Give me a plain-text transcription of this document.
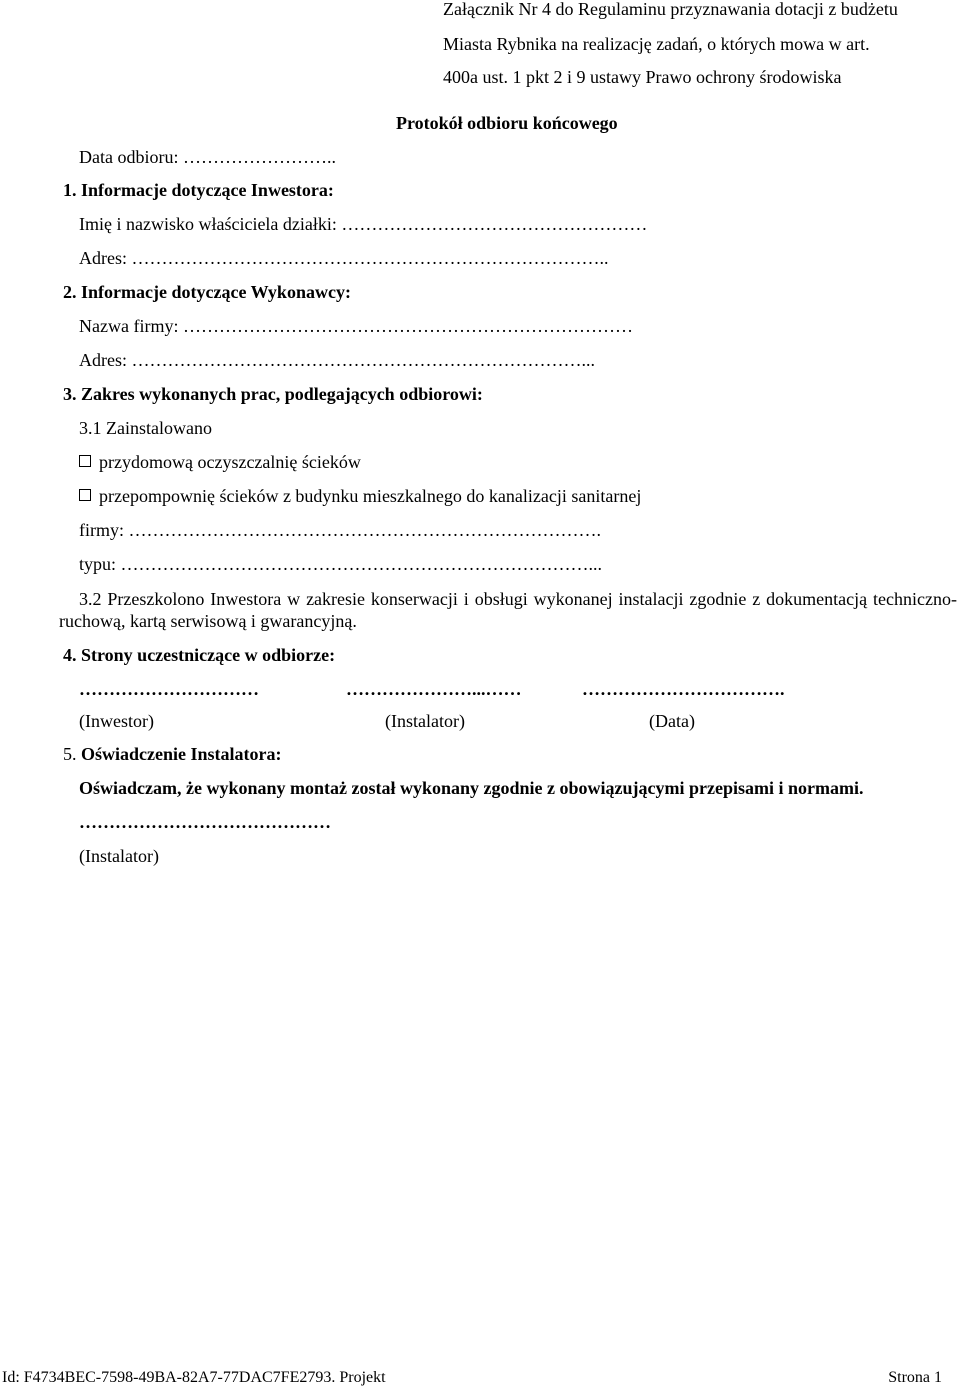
Załącznik Nr 4 do Regulaminu przyznawania dotacji z budżetu
Miasta Rybnika na realizację zadań, o których mowa w art.
400a ust. 1 pkt 2 i 9 ustawy Prawo ochrony środowiska
Protokół odbioru końcowego
Data odbioru: ……………………..
1. Informacje dotyczące Inwestora:
Imię i nazwisko właściciela działki: ……………………………………………
Adres: ……………………………………………………………………..
2. Informacje dotyczące Wykonawcy:
Nazwa firmy: …………………………………………………………………
Adres: …………………………………………………………………...
3. Zakres wykonanych prac, podlegających odbiorowi:
3.1 Zainstalowano
przydomową oczyszczalnię ścieków
przepompownię ścieków z budynku mieszkalnego do kanalizacji sanitarnej
firmy: …………………………………………………………………….
typu: ……………………………………………………………………...
3.2 Przeszkolono Inwestora w zakresie konserwacji i obsługi wykonanej instalacji zgodnie z dokumentacją techniczno-ruchową, kartą serwisową i gwarancyjną.
4. Strony uczestniczące w odbiorze:
…………………………	…………………...……	…………………………….
(Inwestor)	(Instalator)	(Data)
5. Oświadczenie Instalatora:
Oświadczam, że wykonany montaż został wykonany zgodnie z obowiązującymi przepisami i normami.
……………………………………
(Instalator)
Id: F4734BEC-7598-49BA-82A7-77DAC7FE2793. Projekt	Strona 1
